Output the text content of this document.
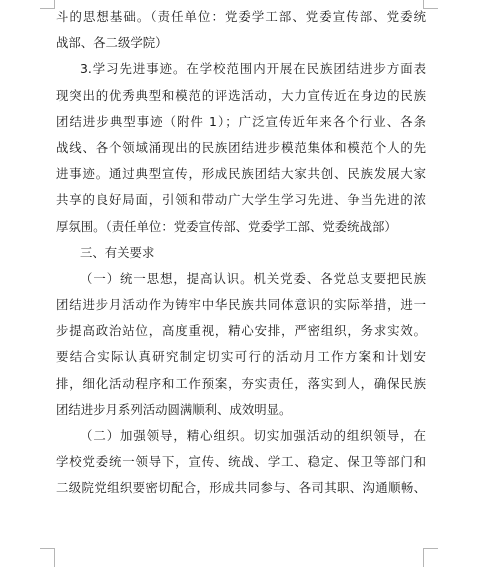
斗的思想基础。（责任单位：党委学工部、党委宣传部、党委统
战部、各二级学院）
3.学习先进事迹。在学校范围内开展在民族团结进步方面表
现突出的优秀典型和模范的评选活动，大力宣传近在身边的民族
团结进步典型事迹（附件 1）；广泛宣传近年来各个行业、各条
战线、各个领域涌现出的民族团结进步模范集体和模范个人的先
进事迹。通过典型宣传，形成民族团结大家共创、民族发展大家
共享的良好局面，引领和带动广大学生学习先进、争当先进的浓
厚氛围。（责任单位：党委宣传部、党委学工部、党委统战部）
三、有关要求
（一）统一思想，提高认识。机关党委、各党总支要把民族
团结进步月活动作为铸牢中华民族共同体意识的实际举措，进一
步提高政治站位，高度重视，精心安排，严密组织，务求实效。
要结合实际认真研究制定切实可行的活动月工作方案和计划安
排，细化活动程序和工作预案，夯实责任，落实到人，确保民族
团结进步月系列活动圆满顺利、成效明显。
（二）加强领导，精心组织。切实加强活动的组织领导，在
学校党委统一领导下，宣传、统战、学工、稳定、保卫等部门和
二级院党组织要密切配合，形成共同参与、各司其职、沟通顺畅、
